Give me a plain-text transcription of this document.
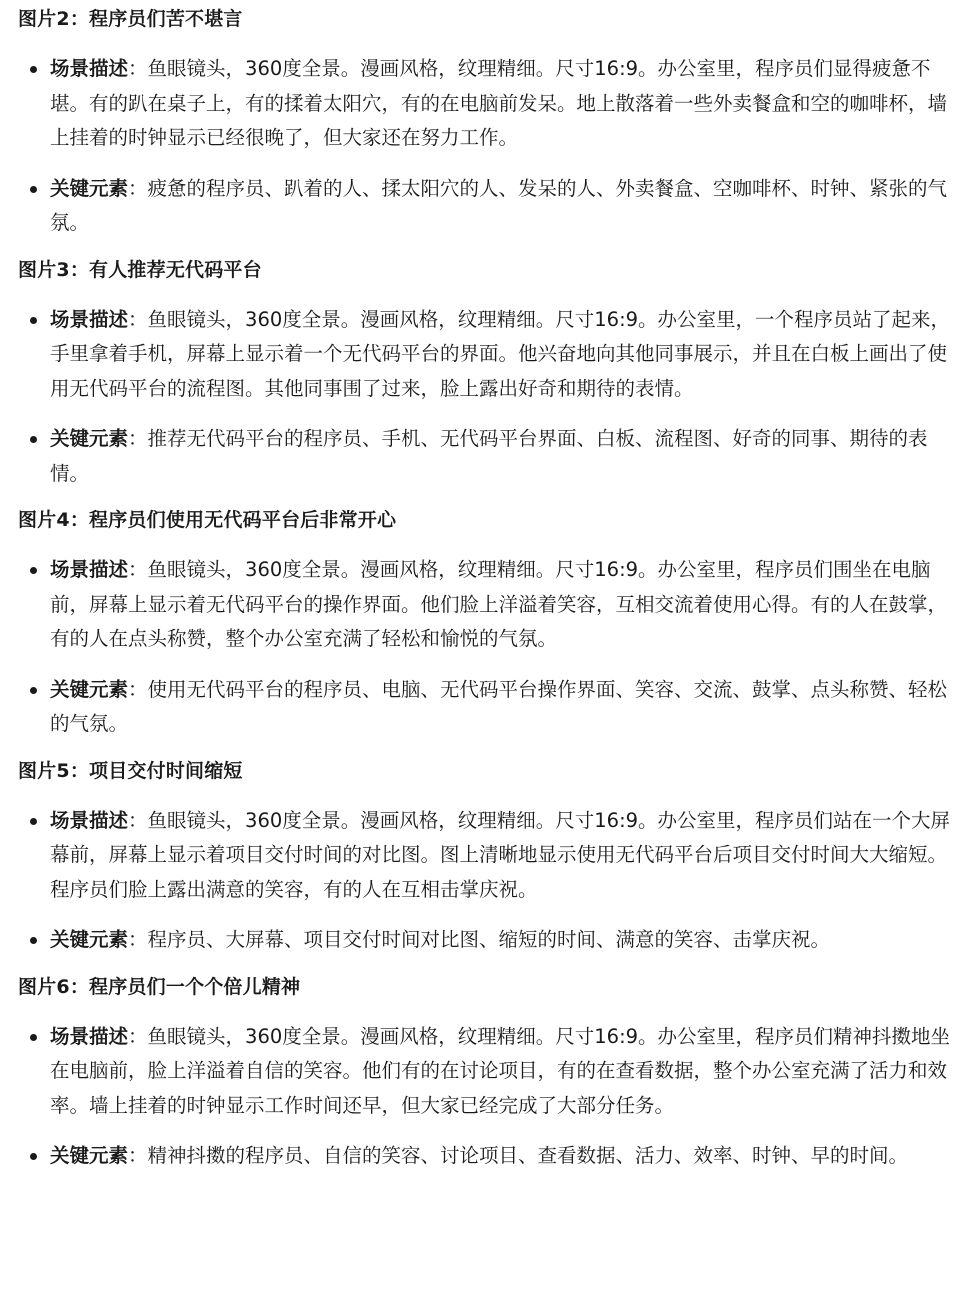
图片2：程序员们苦不堪言
场景描述：鱼眼镜头，360度全景。漫画风格，纹理精细。尺寸16:9。办公室里，程序员们显得疲惫不堪。有的趴在桌子上，有的揉着太阳穴，有的在电脑前发呆。地上散落着一些外卖餐盒和空的咖啡杯，墙上挂着的时钟显示已经很晚了，但大家还在努力工作。
关键元素：疲惫的程序员、趴着的人、揉太阳穴的人、发呆的人、外卖餐盒、空咖啡杯、时钟、紧张的气氛。
图片3：有人推荐无代码平台
场景描述：鱼眼镜头，360度全景。漫画风格，纹理精细。尺寸16:9。办公室里，一个程序员站了起来，手里拿着手机，屏幕上显示着一个无代码平台的界面。他兴奋地向其他同事展示，并且在白板上画出了使用无代码平台的流程图。其他同事围了过来，脸上露出好奇和期待的表情。
关键元素：推荐无代码平台的程序员、手机、无代码平台界面、白板、流程图、好奇的同事、期待的表情。
图片4：程序员们使用无代码平台后非常开心
场景描述：鱼眼镜头，360度全景。漫画风格，纹理精细。尺寸16:9。办公室里，程序员们围坐在电脑前，屏幕上显示着无代码平台的操作界面。他们脸上洋溢着笑容，互相交流着使用心得。有的人在鼓掌，有的人在点头称赞，整个办公室充满了轻松和愉悦的气氛。
关键元素：使用无代码平台的程序员、电脑、无代码平台操作界面、笑容、交流、鼓掌、点头称赞、轻松的气氛。
图片5：项目交付时间缩短
场景描述：鱼眼镜头，360度全景。漫画风格，纹理精细。尺寸16:9。办公室里，程序员们站在一个大屏幕前，屏幕上显示着项目交付时间的对比图。图上清晰地显示使用无代码平台后项目交付时间大大缩短。程序员们脸上露出满意的笑容，有的人在互相击掌庆祝。
关键元素：程序员、大屏幕、项目交付时间对比图、缩短的时间、满意的笑容、击掌庆祝。
图片6：程序员们一个个倍儿精神
场景描述：鱼眼镜头，360度全景。漫画风格，纹理精细。尺寸16:9。办公室里，程序员们精神抖擞地坐在电脑前，脸上洋溢着自信的笑容。他们有的在讨论项目，有的在查看数据，整个办公室充满了活力和效率。墙上挂着的时钟显示工作时间还早，但大家已经完成了大部分任务。
关键元素：精神抖擞的程序员、自信的笑容、讨论项目、查看数据、活力、效率、时钟、早的时间。
